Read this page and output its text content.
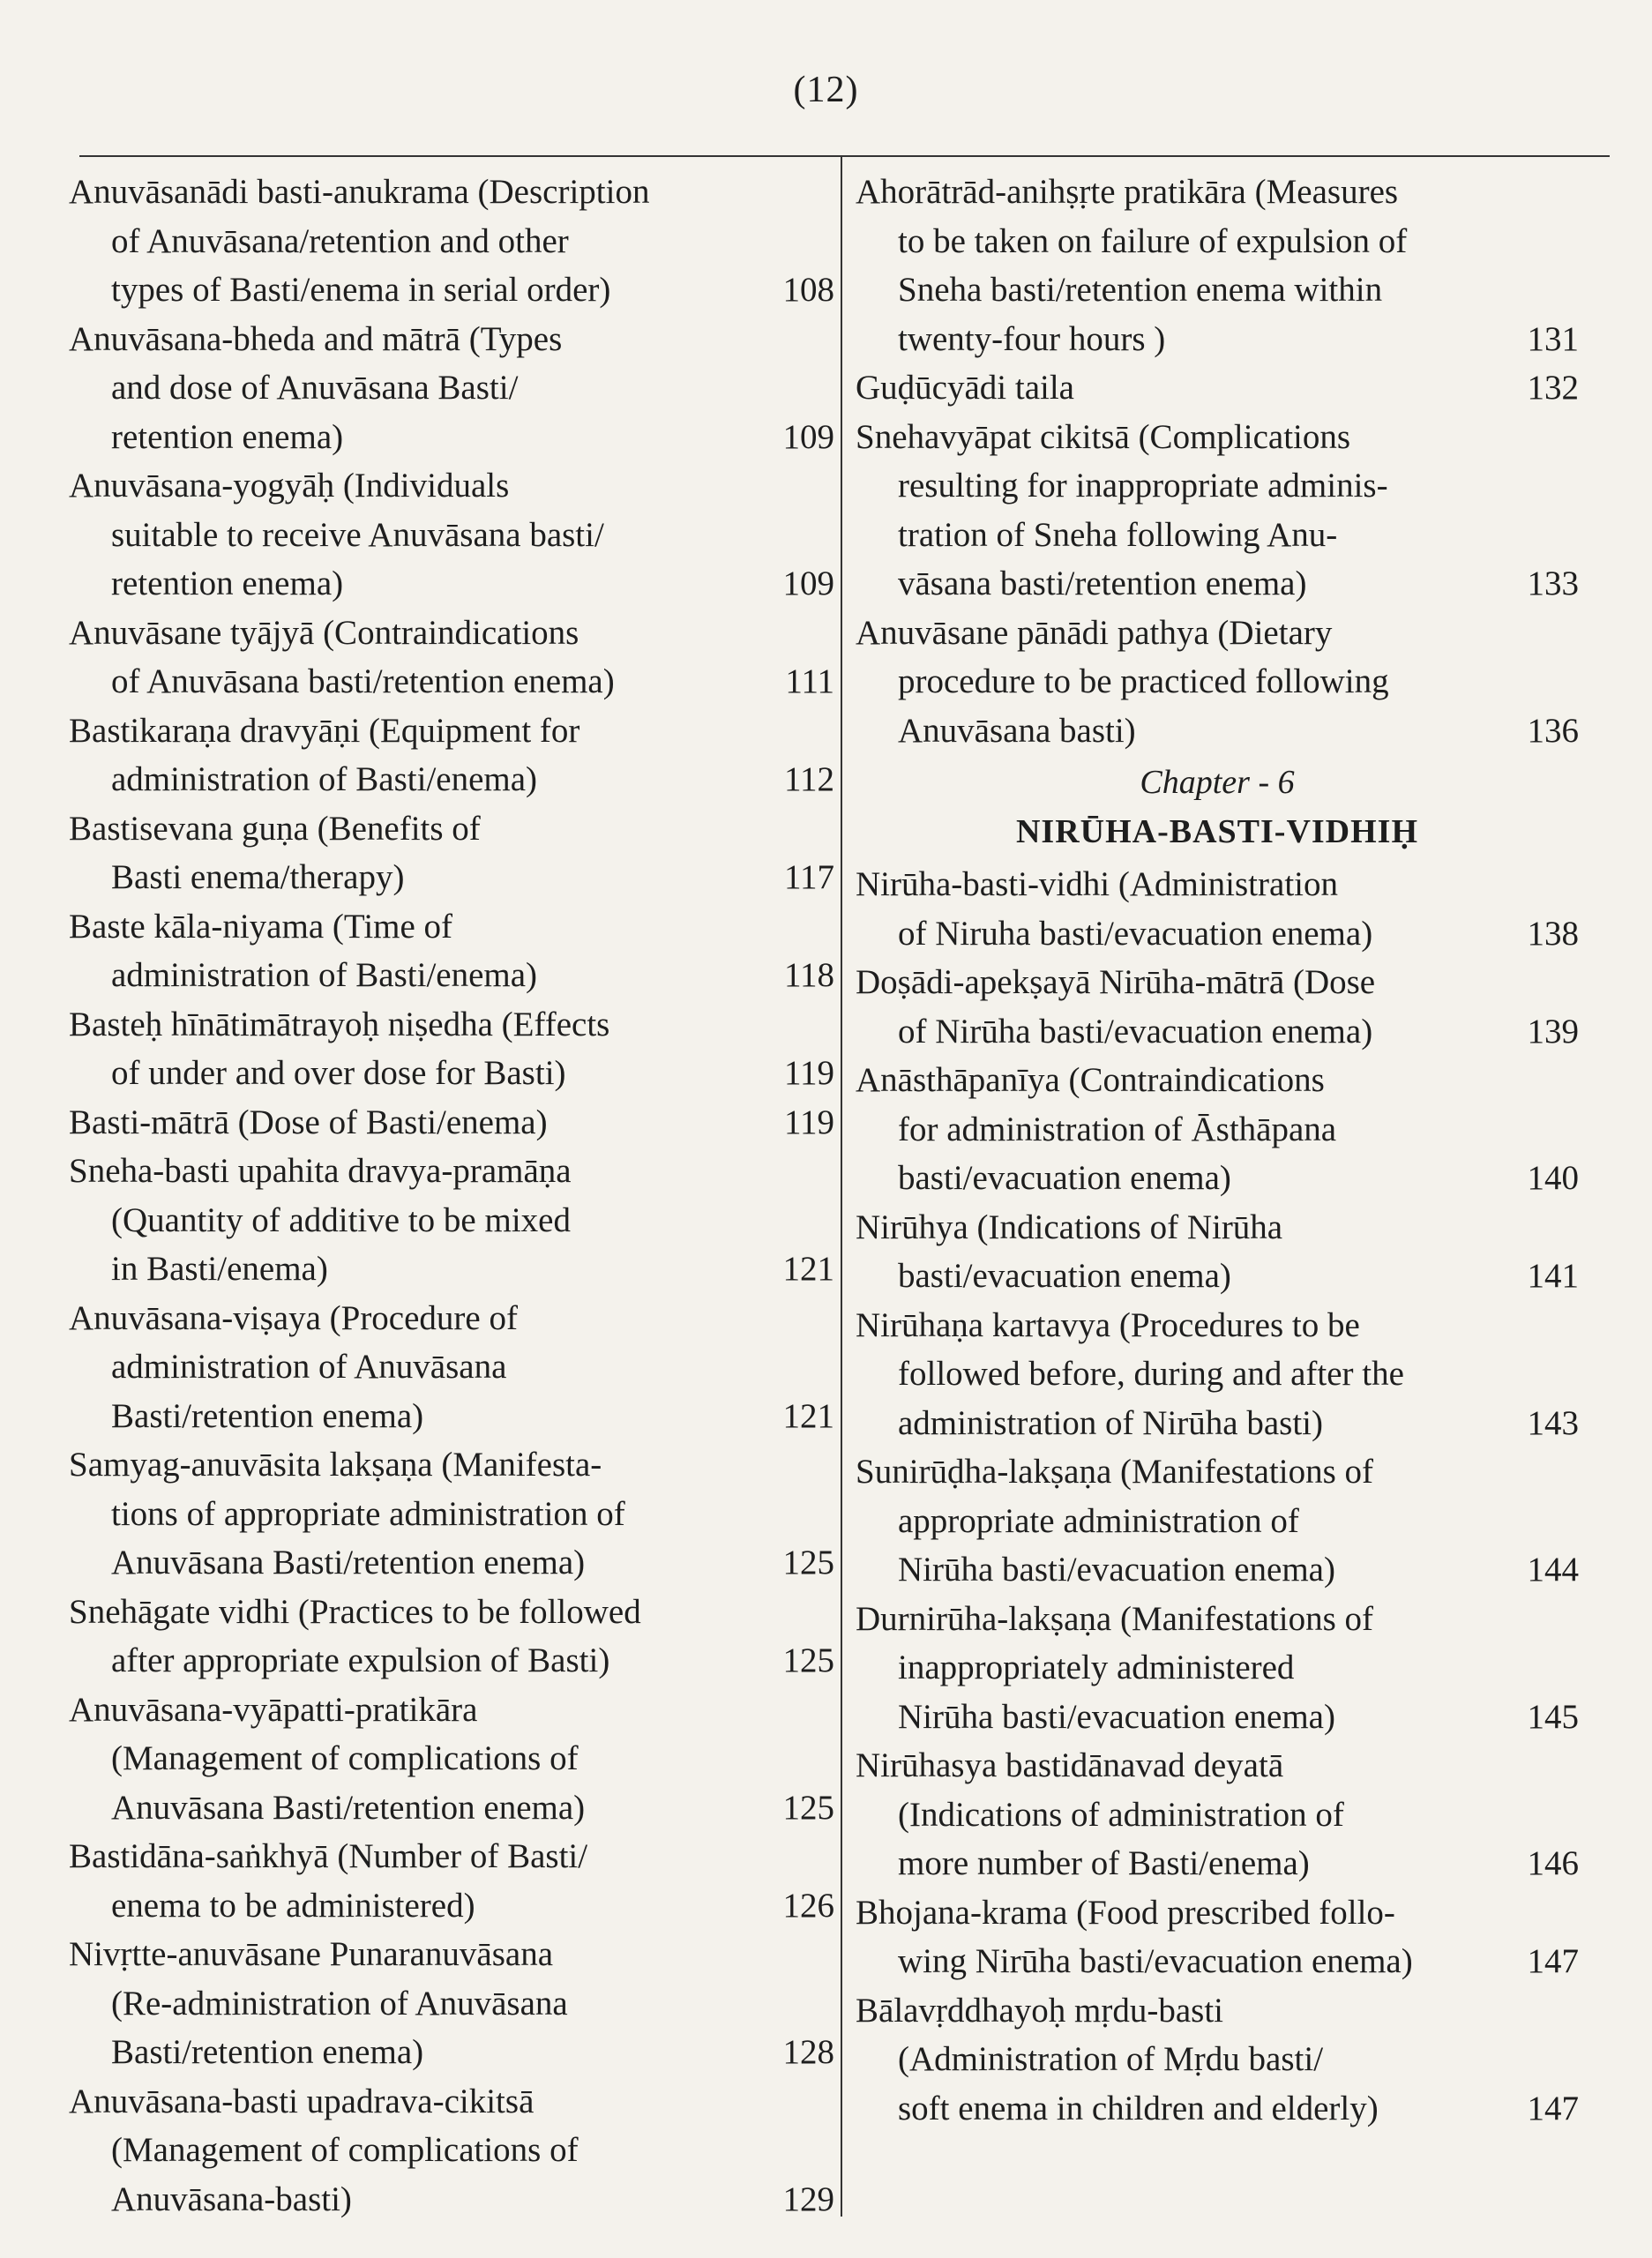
(12)
Anuvāsanādi basti-anukrama (Description
of Anuvāsana/retention and other
types of Basti/enema in serial order)	108
Anuvāsana-bheda and mātrā (Types
and dose of Anuvāsana Basti/
retention enema)	109
Anuvāsana-yogyāḥ (Individuals
suitable to receive Anuvāsana basti/
retention enema)	109
Anuvāsane tyājyā (Contraindications
of Anuvāsana basti/retention enema)	111
Bastikaraṇa dravyāṇi (Equipment for
administration of Basti/enema)	112
Bastisevana guṇa (Benefits of
Basti enema/therapy)	117
Baste kāla-niyama (Time of
administration of Basti/enema)	118
Basteḥ hīnātimātrayoḥ niṣedha (Effects
of under and over dose for Basti)	119
Basti-mātrā (Dose of Basti/enema)	119
Sneha-basti upahita dravya-pramāṇa
(Quantity of additive to be mixed
in Basti/enema)	121
Anuvāsana-viṣaya (Procedure of
administration of Anuvāsana
Basti/retention enema)	121
Samyag-anuvāsita lakṣaṇa (Manifesta-
tions of appropriate administration of
Anuvāsana Basti/retention enema)	125
Snehāgate vidhi (Practices to be followed
after appropriate expulsion of Basti)	125
Anuvāsana-vyāpatti-pratikāra
(Management of complications of
Anuvāsana Basti/retention enema)	125
Bastidāna-saṅkhyā (Number of Basti/
enema to be administered)	126
Nivṛtte-anuvāsane Punaranuvāsana
(Re-administration of Anuvāsana
Basti/retention enema)	128
Anuvāsana-basti upadrava-cikitsā
(Management of complications of
Anuvāsana-basti)	129
Ahorātrād-anihṣṛte pratikāra (Measures
to be taken on failure of expulsion of
Sneha basti/retention enema within
twenty-four hours )	131
Guḍūcyādi taila	132
Snehavyāpat cikitsā (Complications
resulting for inappropriate adminis-
tration of Sneha following Anu-
vāsana basti/retention enema)	133
Anuvāsane pānādi pathya (Dietary
procedure to be practiced following
Anuvāsana basti)	136
Chapter - 6
NIRŪHA-BASTI-VIDHIḤ
Nirūha-basti-vidhi (Administration
of Niruha basti/evacuation enema)	138
Doṣādi-apekṣayā Nirūha-mātrā (Dose
of Nirūha basti/evacuation enema)	139
Anāsthāpanīya (Contraindications
for administration of Āsthāpana
basti/evacuation enema)	140
Nirūhya (Indications of Nirūha
basti/evacuation enema)	141
Nirūhaṇa kartavya (Procedures to be
followed before, during and after the
administration of Nirūha basti)	143
Sunirūḍha-lakṣaṇa (Manifestations of
appropriate administration of
Nirūha basti/evacuation enema)	144
Durnirūha-lakṣaṇa (Manifestations of
inappropriately administered
Nirūha basti/evacuation enema)	145
Nirūhasya bastidānavad deyatā
(Indications of administration of
more number of Basti/enema)	146
Bhojana-krama (Food prescribed follo-
wing Nirūha basti/evacuation enema)	147
Bālavṛddhayoḥ mṛdu-basti
(Administration of Mṛdu basti/
soft enema in children and elderly)	147
